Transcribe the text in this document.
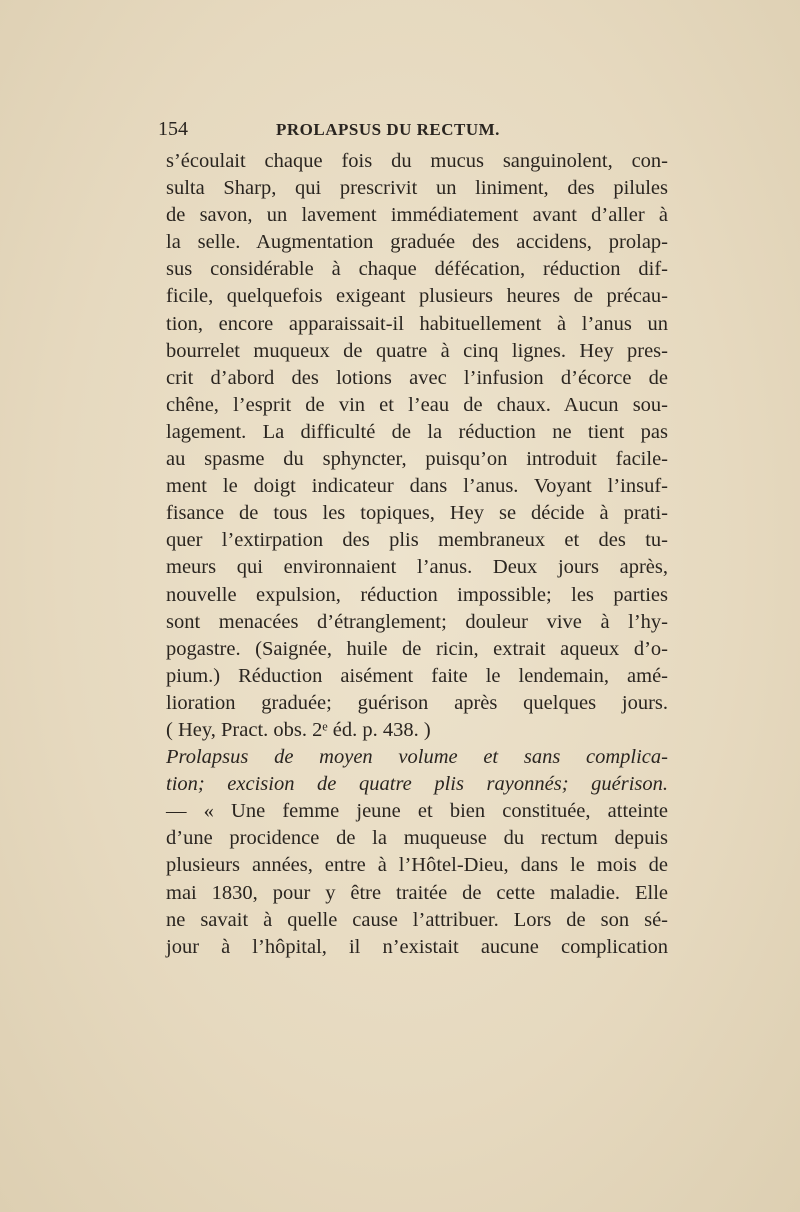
154	PROLAPSUS DU RECTUM.
s’écoulait chaque fois du mucus sanguinolent, con-
sulta Sharp, qui prescrivit un liniment, des pilules
de savon, un lavement immédiatement avant d’aller à
la selle. Augmentation graduée des accidens, prolap-
sus considérable à chaque défécation, réduction dif-
ficile, quelquefois exigeant plusieurs heures de précau-
tion, encore apparaissait-il habituellement à l’anus un
bourrelet muqueux de quatre à cinq lignes. Hey pres-
crit d’abord des lotions avec l’infusion d’écorce de
chêne, l’esprit de vin et l’eau de chaux. Aucun sou-
lagement. La difficulté de la réduction ne tient pas
au spasme du sphyncter, puisqu’on introduit facile-
ment le doigt indicateur dans l’anus. Voyant l’insuf-
fisance de tous les topiques, Hey se décide à prati-
quer l’extirpation des plis membraneux et des tu-
meurs qui environnaient l’anus. Deux jours après,
nouvelle expulsion, réduction impossible; les parties
sont menacées d’étranglement; douleur vive à l’hy-
pogastre. (Saignée, huile de ricin, extrait aqueux d’o-
pium.) Réduction aisément faite le lendemain, amé-
lioration graduée; guérison après quelques jours.
( Hey, Pract. obs. 2ᵉ éd. p. 438. )
Prolapsus de moyen volume et sans complica-
tion; excision de quatre plis rayonnés; guérison.
— « Une femme jeune et bien constituée, atteinte
d’une procidence de la muqueuse du rectum depuis
plusieurs années, entre à l’Hôtel-Dieu, dans le mois de
mai 1830, pour y être traitée de cette maladie. Elle
ne savait à quelle cause l’attribuer. Lors de son sé-
jour à l’hôpital, il n’existait aucune complication
